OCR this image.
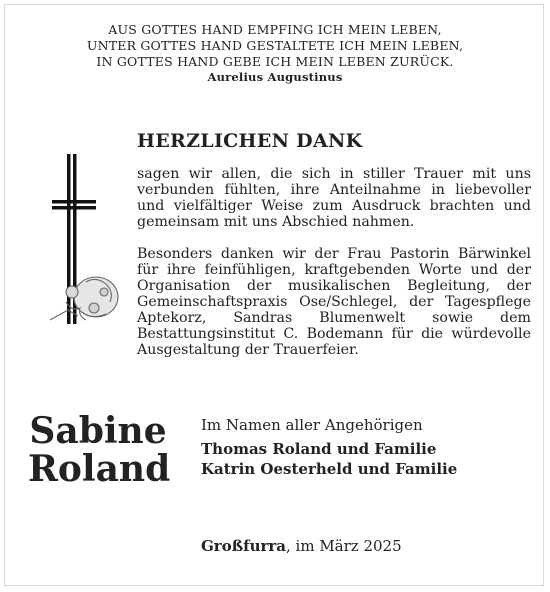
AUS GOTTES HAND EMPFING ICH MEIN LEBEN,
UNTER GOTTES HAND GESTALTETE ICH MEIN LEBEN,
IN GOTTES HAND GEBE ICH MEIN LEBEN ZURÜCK.
Aurelius Augustinus
HERZLICHEN DANK

sagen wir allen, die sich in stiller Trauer mit uns verbunden fühlten, ihre Anteilnahme in liebevoller und vielfältiger Weise zum Ausdruck brachten und gemeinsam mit uns Abschied nahmen.

Besonders danken wir der Frau Pastorin Bärwinkel für ihre feinfühligen, kraftgebenden Worte und der Organisation der musikalischen Begleitung, der Gemeinschaftspraxis Ose/Schlegel, der Tagespflege Aptekorz, Sandras Blumenwelt sowie dem Bestattungsinstitut C. Bodemann für die würdevolle Ausgestaltung der Trauerfeier.

Sabine
Roland
Im Namen aller Angehörigen
Thomas Roland und Familie
Katrin Oesterheld und Familie
Großfurra, im März 2025
